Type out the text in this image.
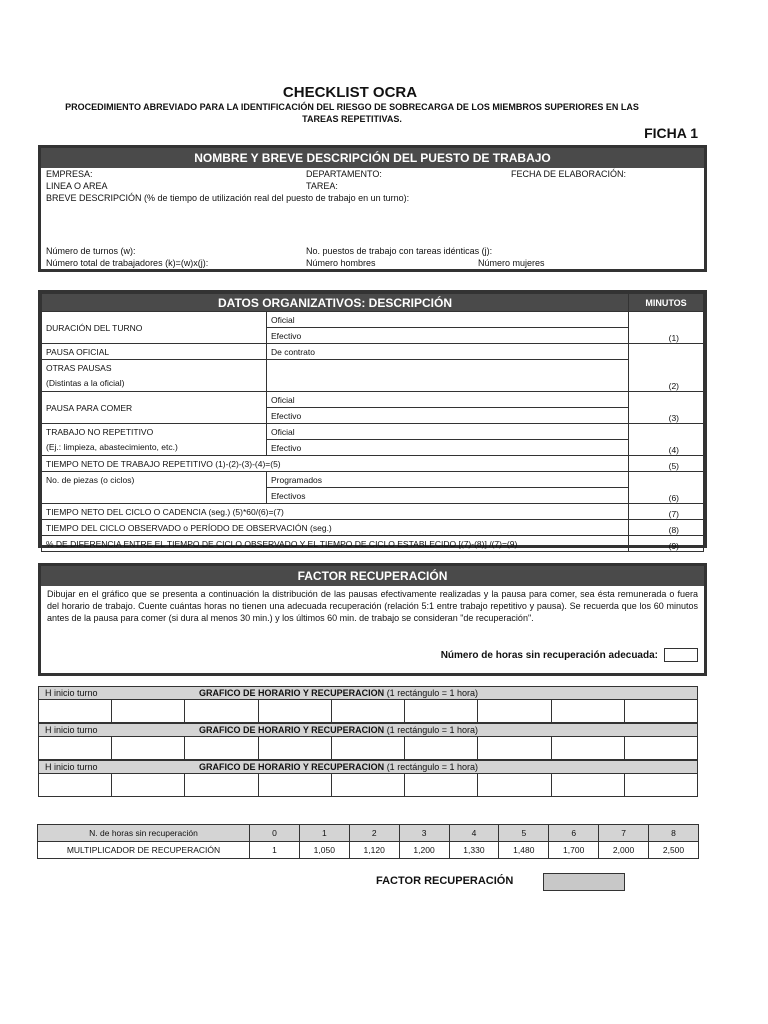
CHECKLIST OCRA
PROCEDIMIENTO ABREVIADO PARA LA IDENTIFICACIÓN DEL RIESGO DE SOBRECARGA DE LOS MIEMBROS SUPERIORES EN LAS
TAREAS REPETITIVAS.
FICHA 1
NOMBRE Y BREVE DESCRIPCIÓN DEL PUESTO DE TRABAJO
EMPRESA:	DEPARTAMENTO:	FECHA DE ELABORACIÓN:
LINEA O AREA	TAREA:
BREVE DESCRIPCIÓN (% de tiempo de utilización real del puesto de trabajo en un turno):
Número de turnos (w):	No. puestos de trabajo con tareas idénticas (j):
Número total de trabajadores (k)=(w)x(j):	Número hombres	Número mujeres
DATOS ORGANIZATIVOS: DESCRIPCIÓN		MINUTOS
DURACIÓN DEL TURNO	Oficial	(1)
	Efectivo	
PAUSA OFICIAL	De contrato	(2)
OTRAS PAUSAS		
(Distintas a la oficial)		
PAUSA PARA COMER	Oficial	(3)
	Efectivo	
TRABAJO NO REPETITIVO	Oficial	(4)
(Ej.: limpieza, abastecimiento, etc.)	Efectivo	
TIEMPO NETO DE TRABAJO REPETITIVO (1)-(2)-(3)-(4)=(5)		(5)
No. de piezas (o ciclos)	Programados	(6)
	Efectivos	
TIEMPO NETO DEL CICLO O CADENCIA (seg.) (5)*60/(6)=(7)		(7)
TIEMPO DEL CICLO OBSERVADO o PERÍODO DE OBSERVACIÓN (seg.)		(8)
% DE DIFERENCIA ENTRE EL TIEMPO DE CICLO OBSERVADO Y EL TIEMPO DE CICLO ESTABLECIDO [(7)-(8)] /(7)=(9)		(9)
FACTOR RECUPERACIÓN
Dibujar en el gráfico que se presenta a continuación la distribución de las pausas efectivamente realizadas y la pausa para comer, sea ésta remunerada o fuera del horario de trabajo. Cuente cuántas horas no tienen una adecuada recuperación (relación 5:1 entre trabajo repetitivo y pausa). Se recuerda que los 60 minutos antes de la pausa para comer (si dura al menos 30 min.) y los últimos 60 min. de trabajo se consideran "de recuperación".
Número de horas sin recuperación adecuada:
H inicio turno	GRAFICO DE HORARIO Y RECUPERACION (1 rectángulo = 1 hora)
H inicio turno	GRAFICO DE HORARIO Y RECUPERACION (1 rectángulo = 1 hora)
H inicio turno	GRAFICO DE HORARIO Y RECUPERACION (1 rectángulo = 1 hora)
N. de horas sin recuperación	0	1	2	3	4	5	6	7	8
MULTIPLICADOR DE RECUPERACIÓN	1	1,050	1,120	1,200	1,330	1,480	1,700	2,000	2,500
FACTOR RECUPERACIÓN
